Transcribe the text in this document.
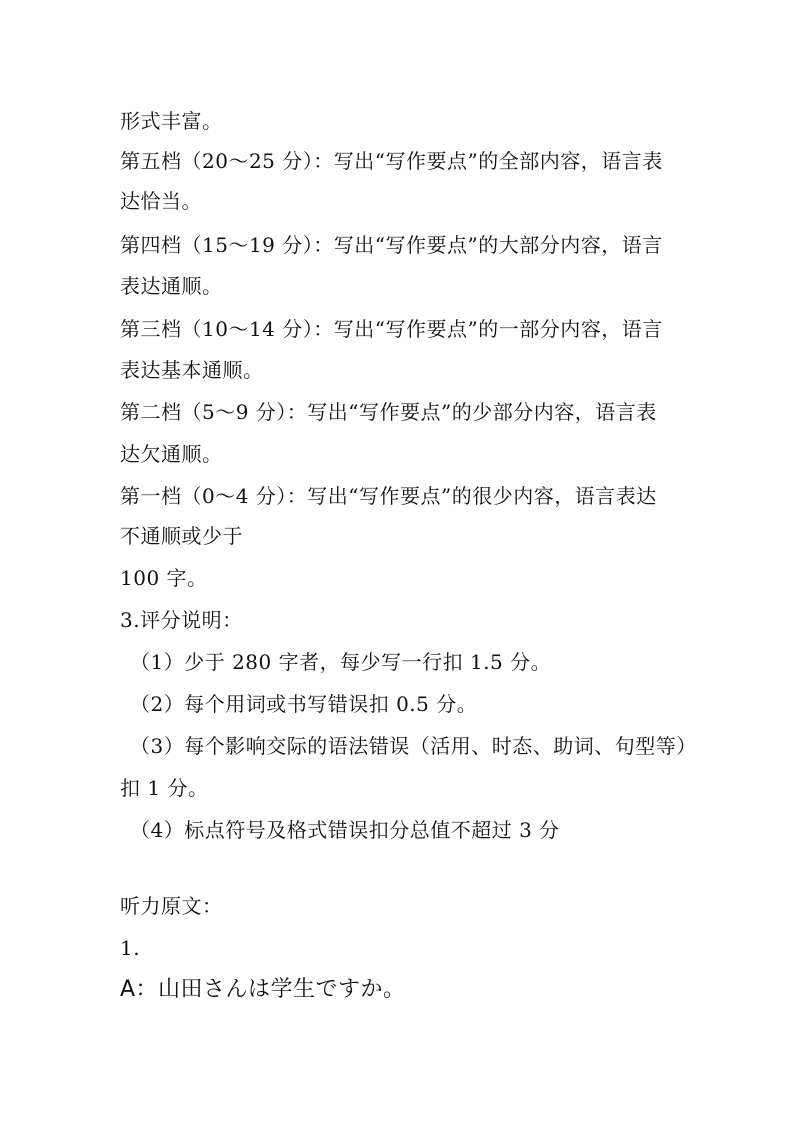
形式丰富。
第五档（20～25 分）：写出“写作要点”的全部内容，语言表
达恰当。
第四档（15～19 分）：写出“写作要点”的大部分内容，语言
表达通顺。
第三档（10～14 分）：写出“写作要点”的一部分内容，语言
表达基本通顺。
第二档（5～9 分）：写出“写作要点”的少部分内容，语言表
达欠通顺。
第一档（0～4 分）：写出“写作要点”的很少内容，语言表达
不通顺或少于
100 字。
3.评分说明：
（1）少于 280 字者，每少写一行扣 1.5 分。
（2）每个用词或书写错误扣 0.5 分。
（3）每个影响交际的语法错误（活用、时态、助词、句型等）
扣 1 分。
（4）标点符号及格式错误扣分总值不超过 3 分
听力原文：
1.
A：山田さんは学生ですか。
